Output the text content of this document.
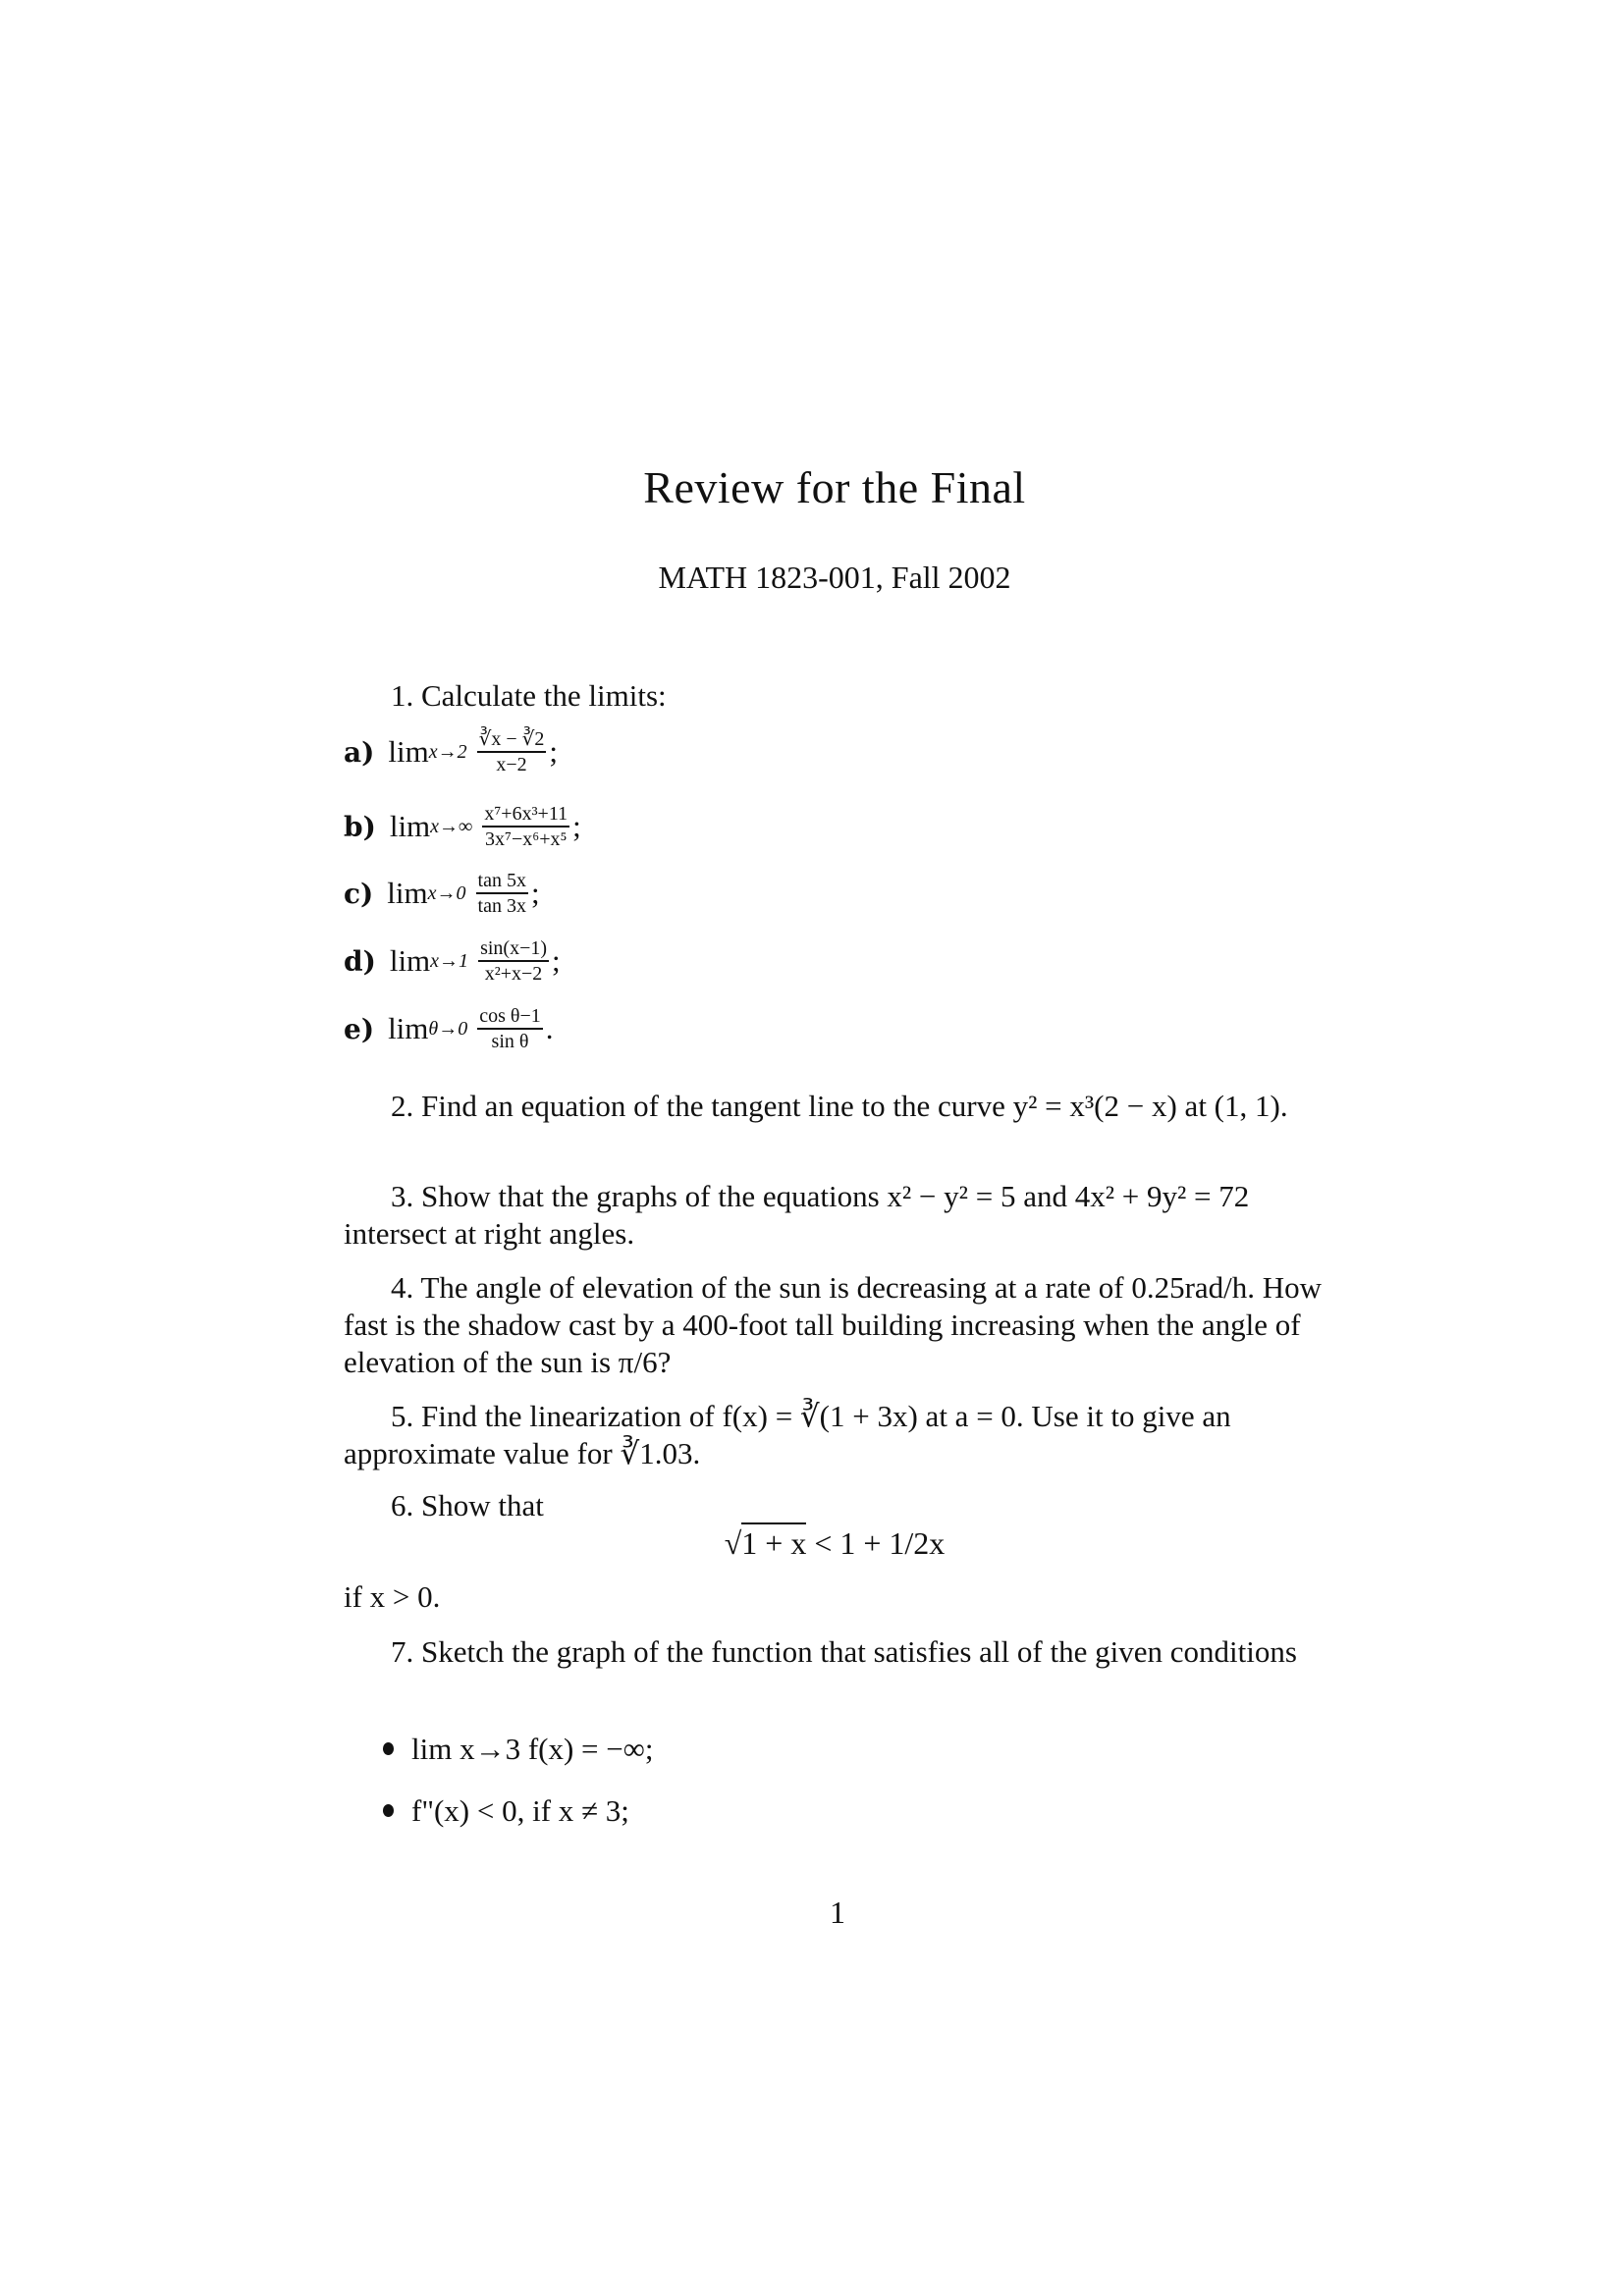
Review for the Final
MATH 1823-001, Fall 2002
1. Calculate the limits:
a) $\lim x\to 2 \frac{∛x - ∛2}{x-2}$ ;
b) $\lim x\to\infty \frac{\text{x⁷+6x³+11}}{\text{3x⁷−x⁶+x⁵}}$ ;
c) $\lim x\to 0 \frac{\tan 5x}{\tan 3x}$ ;
d) $\lim x\to 1 \frac{\sin(x-1)}{\text{x²+x−2}}$ ;
e) $\lim \theta\to 0 \frac{\text{cos θ−1}}{\text{sin θ}}$ .
2. Find an equation of the tangent line to the curve y² = x³(2 − x) at (1, 1).
3. Show that the graphs of the equations x² − y² = 5 and 4x² + 9y² = 72 intersect at right angles.
4. The angle of elevation of the sun is decreasing at a rate of 0.25rad/h. How fast is the shadow cast by a 400-foot tall building increasing when the angle of elevation of the sun is π/6?
5. Find the linearization of f(x) = ∛(1 + 3x) at a = 0. Use it to give an approximate value for ∛1.03.
6. Show that
√1 + x < 1 + 1/2x
if x > 0.
7. Sketch the graph of the function that satisfies all of the given conditions
lim x→3 f(x) = −∞;
f"(x) < 0, if x ≠ 3;
1
